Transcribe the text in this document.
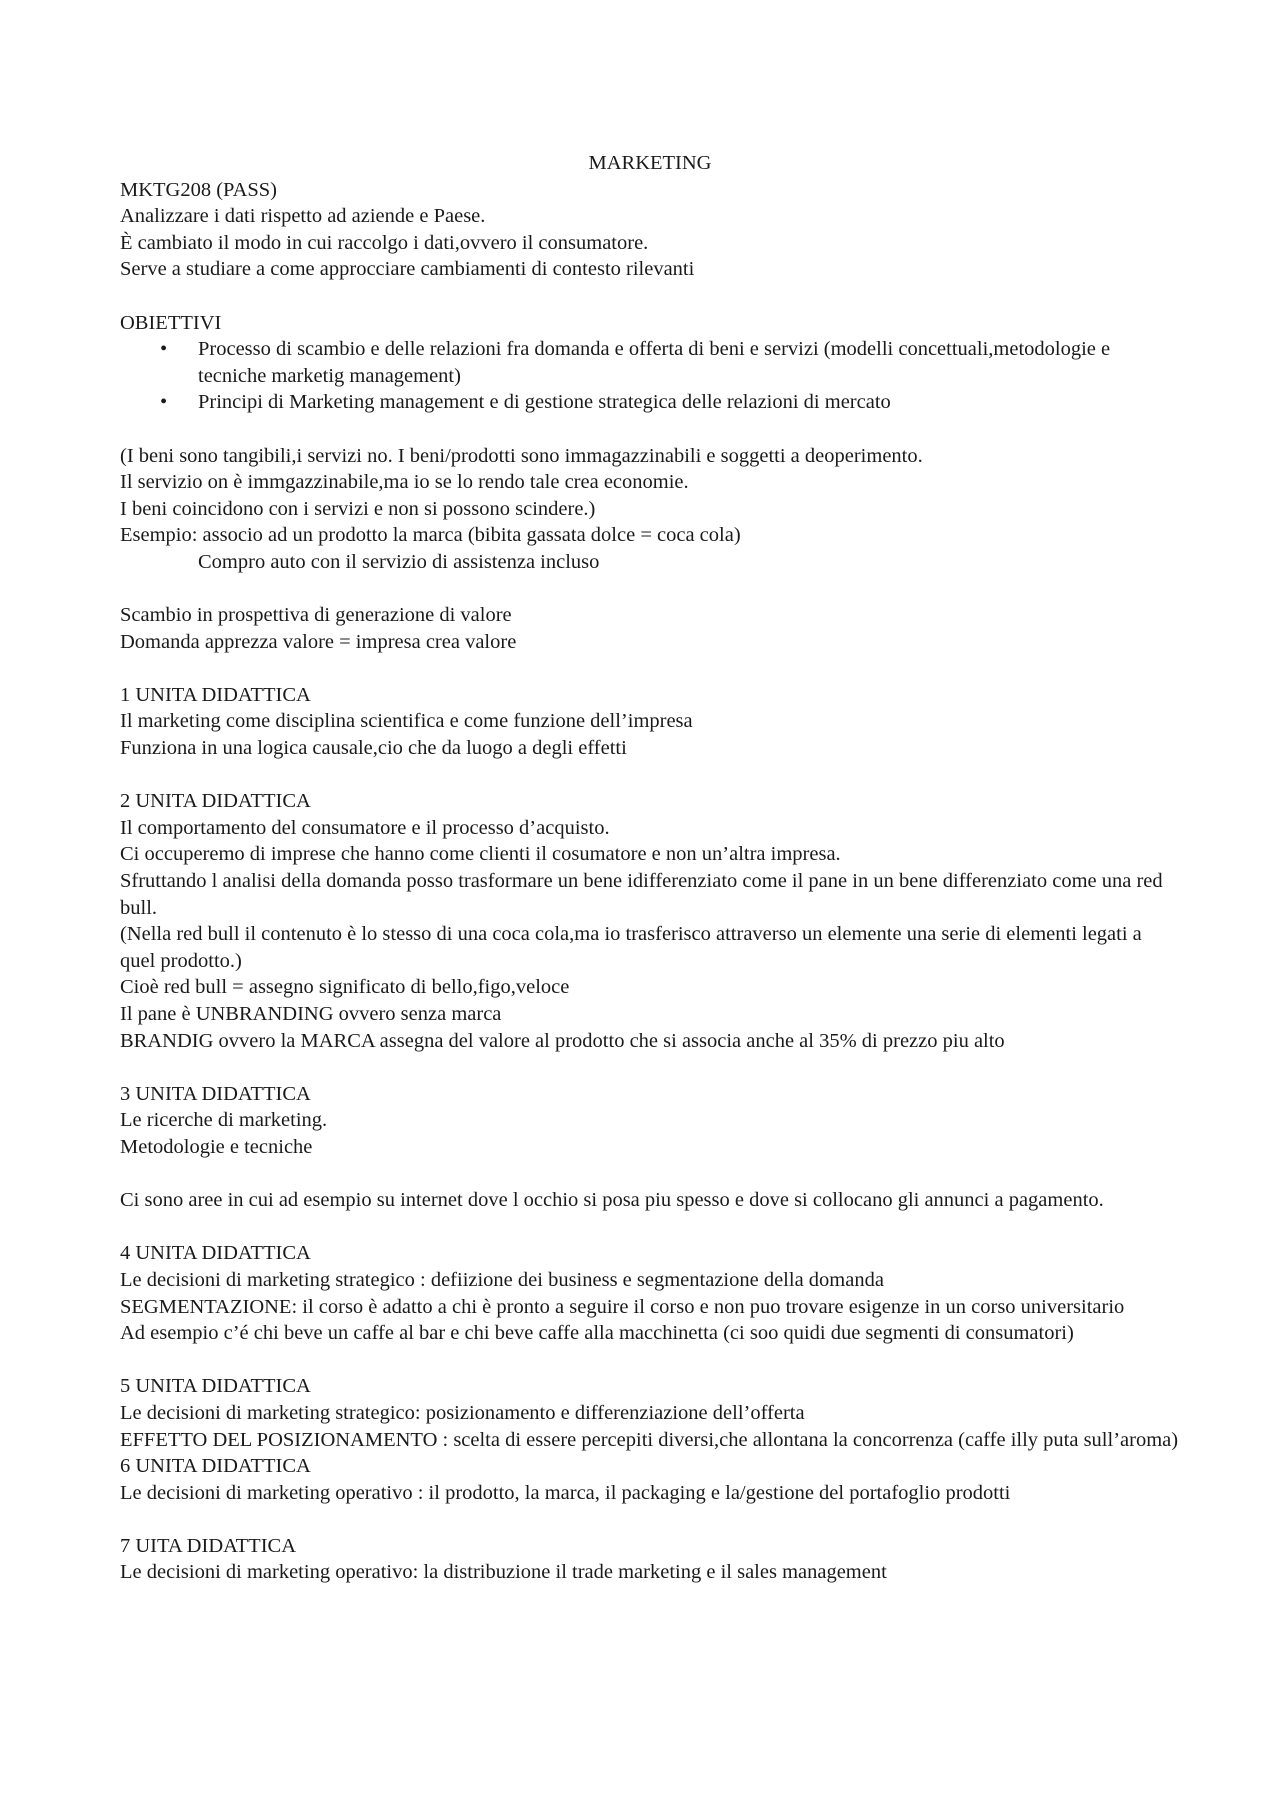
MARKETING

MKTG208 (PASS)

Analizzare i dati rispetto ad aziende e Paese.

È cambiato il modo in cui raccolgo i dati,ovvero il consumatore.

Serve a studiare a come approcciare cambiamenti di contesto rilevanti

OBIETTIVI

• Processo di scambio e delle relazioni fra domanda e offerta di beni e servizi (modelli concettuali,metodologie e tecniche marketig management)
• Principi di Marketing management e di gestione strategica delle relazioni di mercato

(I beni sono tangibili,i servizi no. I beni/prodotti sono immagazzinabili e soggetti a deoperimento.

Il servizio on è immgazzinabile,ma io se lo rendo tale crea economie.

I beni coincidono con i servizi e non si possono scindere.)

Esempio: associo ad un prodotto la marca (bibita gassata dolce = coca cola)

Compro auto con il servizio di assistenza incluso

Scambio in prospettiva di generazione di valore

Domanda apprezza valore = impresa crea valore

1 UNITA DIDATTICA

Il marketing come disciplina scientifica e come funzione dell’impresa

Funziona in una logica causale,cio che da luogo a degli effetti

2 UNITA DIDATTICA

Il comportamento del consumatore e il processo d’acquisto.

Ci occuperemo di imprese che hanno come clienti il cosumatore e non un’altra impresa.

Sfruttando l analisi della domanda posso trasformare un bene idifferenziato come il pane in un bene differenziato come una red bull.

(Nella red bull il contenuto è lo stesso di una coca cola,ma io trasferisco attraverso un elemente una serie di elementi legati a quel prodotto.)

Cioè red bull = assegno significato di bello,figo,veloce

Il pane è UNBRANDING ovvero senza marca

BRANDIG ovvero la MARCA assegna del valore al prodotto che si associa anche al 35% di prezzo piu alto

3 UNITA DIDATTICA

Le ricerche di marketing.

Metodologie e tecniche

Ci sono aree in cui ad esempio su internet dove l occhio si posa piu spesso e dove si collocano gli annunci a pagamento.

4 UNITA DIDATTICA

Le decisioni di marketing strategico : defiizione dei business e segmentazione della domanda

SEGMENTAZIONE: il corso è adatto a chi è pronto a seguire il corso e non puo trovare esigenze in un corso universitario

Ad esempio c’é chi beve un caffe al bar e chi beve caffe alla macchinetta (ci soo quidi due segmenti di consumatori)

5 UNITA DIDATTICA

Le decisioni di marketing strategico: posizionamento e differenziazione dell’offerta

EFFETTO DEL POSIZIONAMENTO : scelta di essere percepiti diversi,che allontana la concorrenza (caffe illy puta sull’aroma)

6 UNITA DIDATTICA

Le decisioni di marketing operativo : il prodotto, la marca, il packaging e la/gestione del portafoglio prodotti

7 UITA DIDATTICA

Le decisioni di marketing operativo: la distribuzione il trade marketing e il sales management
